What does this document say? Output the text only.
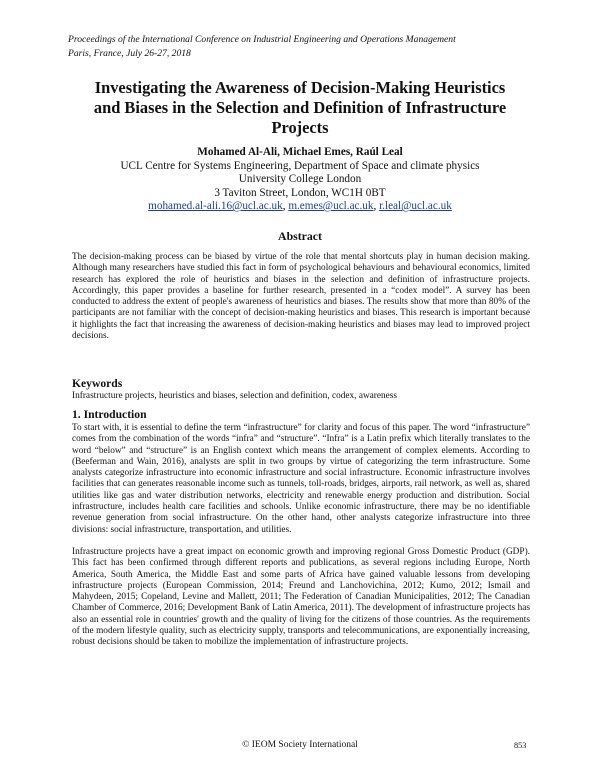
Proceedings of the International Conference on Industrial Engineering and Operations Management
Paris, France, July 26-27, 2018
Investigating the Awareness of Decision-Making Heuristics
and Biases in the Selection and Definition of Infrastructure
Projects
Mohamed Al-Ali, Michael Emes, Raúl Leal
UCL Centre for Systems Engineering, Department of Space and climate physics
University College London
3 Taviton Street, London, WC1H 0BT
mohamed.al-ali.16@ucl.ac.uk, m.emes@ucl.ac.uk, r.leal@ucl.ac.uk
Abstract
The decision-making process can be biased by virtue of the role that mental shortcuts play in human decision making. Although many researchers have studied this fact in form of psychological behaviours and behavioural economics, limited research has explored the role of heuristics and biases in the selection and definition of infrastructure projects. Accordingly, this paper provides a baseline for further research, presented in a “codex model”. A survey has been conducted to address the extent of people's awareness of heuristics and biases. The results show that more than 80% of the participants are not familiar with the concept of decision-making heuristics and biases. This research is important because it highlights the fact that increasing the awareness of decision-making heuristics and biases may lead to improved project decisions.
Keywords
Infrastructure projects, heuristics and biases, selection and definition, codex, awareness
1. Introduction
To start with, it is essential to define the term “infrastructure” for clarity and focus of this paper. The word “infrastructure” comes from the combination of the words “infra” and “structure”. “Infra” is a Latin prefix which literally translates to the word “below” and “structure” is an English context which means the arrangement of complex elements. According to (Beeferman and Wain, 2016), analysts are split in two groups by virtue of categorizing the term infrastructure. Some analysts categorize infrastructure into economic infrastructure and social infrastructure. Economic infrastructure involves facilities that can generates reasonable income such as tunnels, toll-roads, bridges, airports, rail network, as well as, shared utilities like gas and water distribution networks, electricity and renewable energy production and distribution. Social infrastructure, includes health care facilities and schools. Unlike economic infrastructure, there may be no identifiable revenue generation from social infrastructure. On the other hand, other analysts categorize infrastructure into three divisions: social infrastructure, transportation, and utilities.
Infrastructure projects have a great impact on economic growth and improving regional Gross Domestic Product (GDP). This fact has been confirmed through different reports and publications, as several regions including Europe, North America, South America, the Middle East and some parts of Africa have gained valuable lessons from developing infrastructure projects (European Commission, 2014; Freund and Lanchovichina, 2012; Kumo, 2012; Ismail and Mahydeen, 2015; Copeland, Levine and Mallett, 2011; The Federation of Canadian Municipalities, 2012; The Canadian Chamber of Commerce, 2016; Development Bank of Latin America, 2011). The development of infrastructure projects has also an essential role in countries' growth and the quality of living for the citizens of those countries. As the requirements of the modern lifestyle quality, such as electricity supply, transports and telecommunications, are exponentially increasing, robust decisions should be taken to mobilize the implementation of infrastructure projects.
© IEOM Society International	853
